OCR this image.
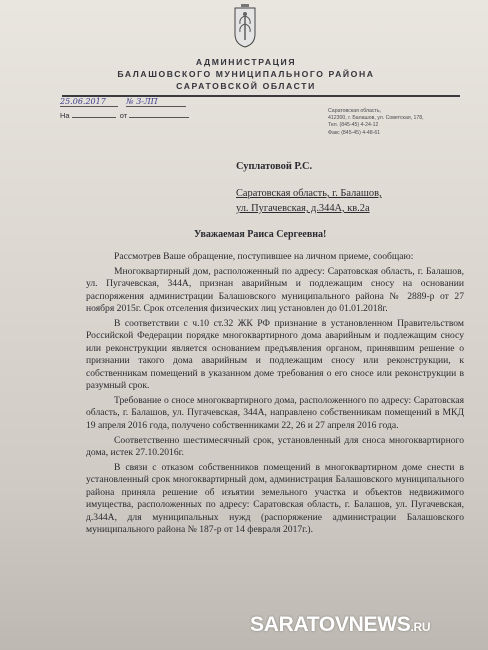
АДМИНИСТРАЦИЯ
БАЛАШОВСКОГО МУНИЦИПАЛЬНОГО РАЙОНА
САРАТОВСКОЙ ОБЛАСТИ
25.06.2017	№ 3-ЛП
На	от	Саратовская область,
412300, г. Балашов, ул. Советская, 178,
Тел. (845-45) 4-24-12
Факс (845-45) 4-48-61
Суплатовой Р.С.
Саратовская область, г. Балашов,
ул. Пугачевская, д.344А, кв.2а
Уважаемая Раиса Сергеевна!

Рассмотрев Ваше обращение, поступившее на личном приеме, сообщаю:

Многоквартирный дом, расположенный по адресу: Саратовская область, г. Балашов, ул. Пугачевская, 344А, признан аварийным и подлежащим сносу на основании распоряжения администрации Балашовского муниципального района № 2889-р от 27 ноября 2015г. Срок отселения физических лиц установлен до 01.01.2018г.

В соответствии с ч.10 ст.32 ЖК РФ признание в установленном Правительством Российской Федерации порядке многоквартирного дома аварийным и подлежащим сносу или реконструкции является основанием предъявления органом, принявшим решение о признании такого дома аварийным и подлежащим сносу или реконструкции, к собственникам помещений в указанном доме требования о его сносе или реконструкции в разумный срок.

Требование о сносе многоквартирного дома, расположенного по адресу: Саратовская область, г. Балашов, ул. Пугачевская, 344А, направлено собственникам помещений в МКД 19 апреля 2016 года, получено собственниками 22, 26 и 27 апреля 2016 года.

Соответственно шестимесячный срок, установленный для сноса многоквартирного дома, истек 27.10.2016г.

В связи с отказом собственников помещений в многоквартирном доме снести в установленный срок многоквартирный дом, администрация Балашовского муниципального района приняла решение об изъятии земельного участка и объектов недвижимого имущества, расположенных по адресу: Саратовская область, г. Балашов, ул. Пугачевская, д.344А, для муниципальных нужд (распоряжение администрации Балашовского муниципального района № 187-р от 14 февраля 2017г.).

SARATOVNEWS.RU
